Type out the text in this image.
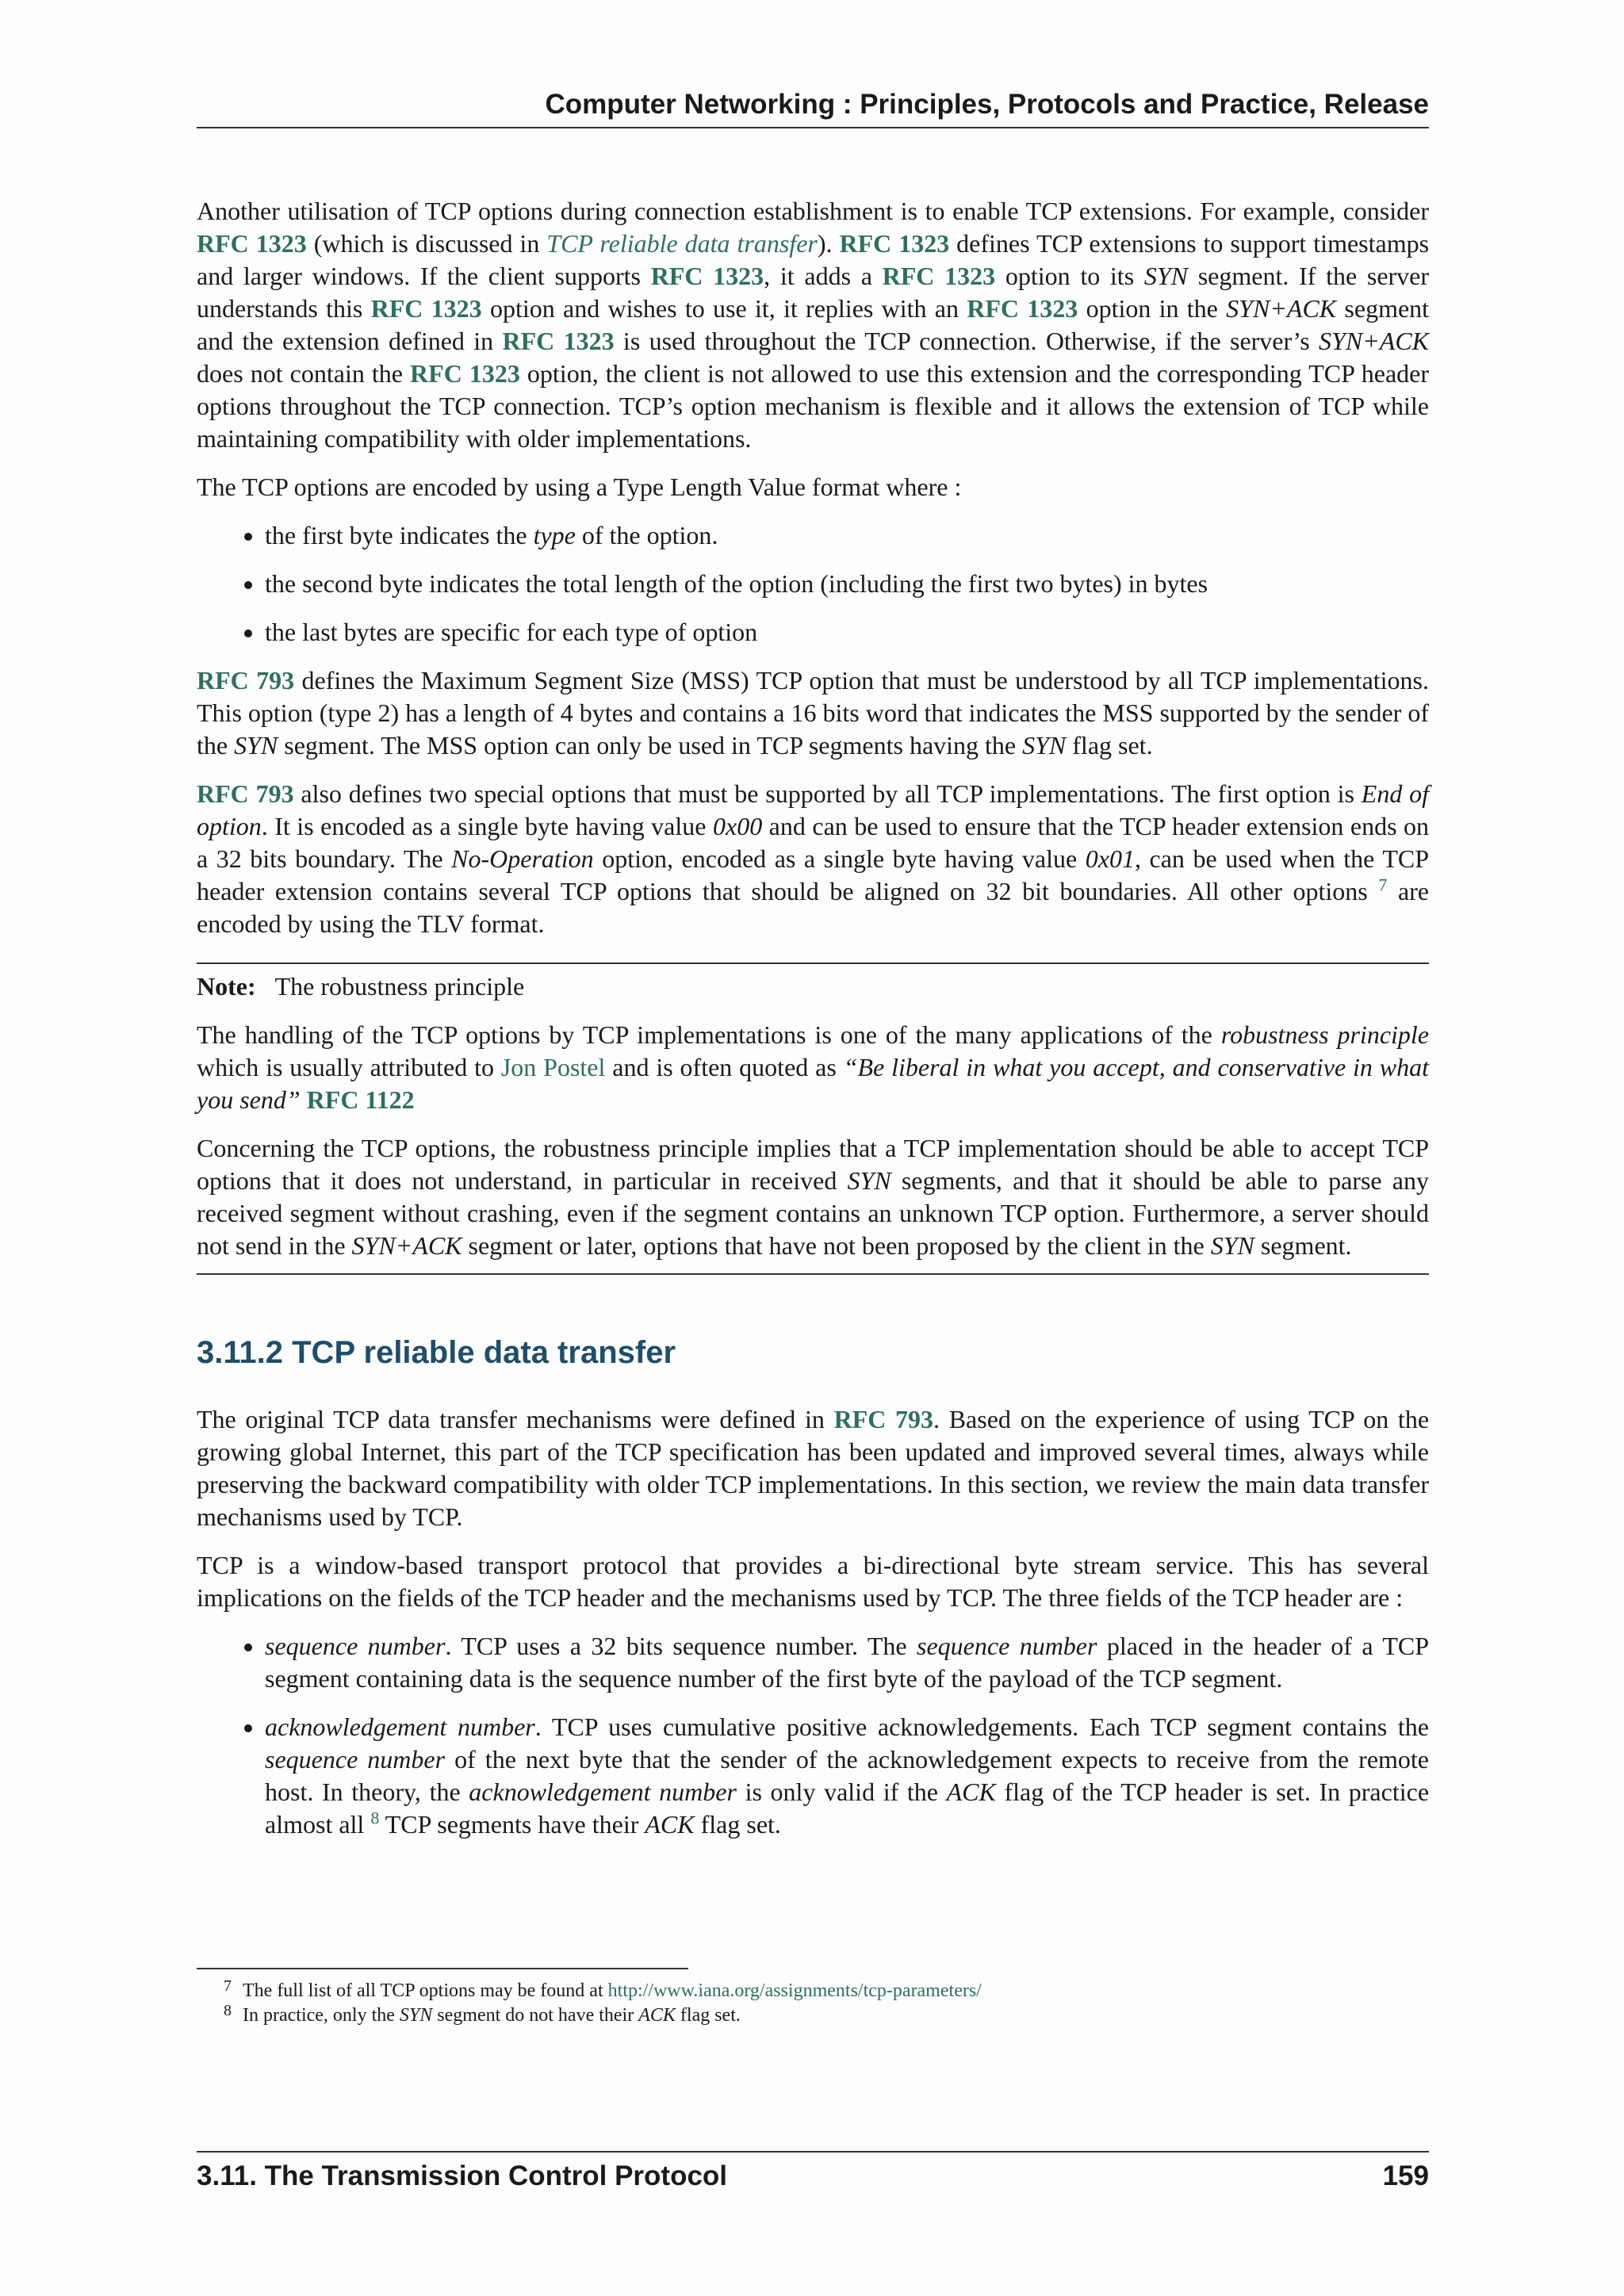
Computer Networking : Principles, Protocols and Practice, Release

Another utilisation of TCP options during connection establishment is to enable TCP extensions. For example, consider RFC 1323 (which is discussed in TCP reliable data transfer). RFC 1323 defines TCP extensions to support timestamps and larger windows. If the client supports RFC 1323, it adds a RFC 1323 option to its SYN segment. If the server understands this RFC 1323 option and wishes to use it, it replies with an RFC 1323 option in the SYN+ACK segment and the extension defined in RFC 1323 is used throughout the TCP connection. Otherwise, if the server’s SYN+ACK does not contain the RFC 1323 option, the client is not allowed to use this extension and the corresponding TCP header options throughout the TCP connection. TCP’s option mechanism is flexible and it allows the extension of TCP while maintaining compatibility with older implementations.

The TCP options are encoded by using a Type Length Value format where :

• the first byte indicates the type of the option.
• the second byte indicates the total length of the option (including the first two bytes) in bytes
• the last bytes are specific for each type of option

RFC 793 defines the Maximum Segment Size (MSS) TCP option that must be understood by all TCP implementations. This option (type 2) has a length of 4 bytes and contains a 16 bits word that indicates the MSS supported by the sender of the SYN segment. The MSS option can only be used in TCP segments having the SYN flag set.

RFC 793 also defines two special options that must be supported by all TCP implementations. The first option is End of option. It is encoded as a single byte having value 0x00 and can be used to ensure that the TCP header extension ends on a 32 bits boundary. The No-Operation option, encoded as a single byte having value 0x01, can be used when the TCP header extension contains several TCP options that should be aligned on 32 bit boundaries. All other options $^7$ are encoded by using the TLV format.

Note: The robustness principle

The handling of the TCP options by TCP implementations is one of the many applications of the robustness principle which is usually attributed to Jon Postel and is often quoted as “Be liberal in what you accept, and conservative in what you send” RFC 1122

Concerning the TCP options, the robustness principle implies that a TCP implementation should be able to accept TCP options that it does not understand, in particular in received SYN segments, and that it should be able to parse any received segment without crashing, even if the segment contains an unknown TCP option. Furthermore, a server should not send in the SYN+ACK segment or later, options that have not been proposed by the client in the SYN segment.

3.11.2 TCP reliable data transfer

The original TCP data transfer mechanisms were defined in RFC 793. Based on the experience of using TCP on the growing global Internet, this part of the TCP specification has been updated and improved several times, always while preserving the backward compatibility with older TCP implementations. In this section, we review the main data transfer mechanisms used by TCP.

TCP is a window-based transport protocol that provides a bi-directional byte stream service. This has several implications on the fields of the TCP header and the mechanisms used by TCP. The three fields of the TCP header are :

• sequence number. TCP uses a 32 bits sequence number. The sequence number placed in the header of a TCP segment containing data is the sequence number of the first byte of the payload of the TCP segment.
• acknowledgement number. TCP uses cumulative positive acknowledgements. Each TCP segment contains the sequence number of the next byte that the sender of the acknowledgement expects to receive from the remote host. In theory, the acknowledgement number is only valid if the ACK flag of the TCP header is set. In practice almost all $^8$ TCP segments have their ACK flag set.
7 The full list of all TCP options may be found at http://www.iana.org/assignments/tcp-parameters/
8 In practice, only the SYN segment do not have their ACK flag set.
3.11. The Transmission Control Protocol	159
